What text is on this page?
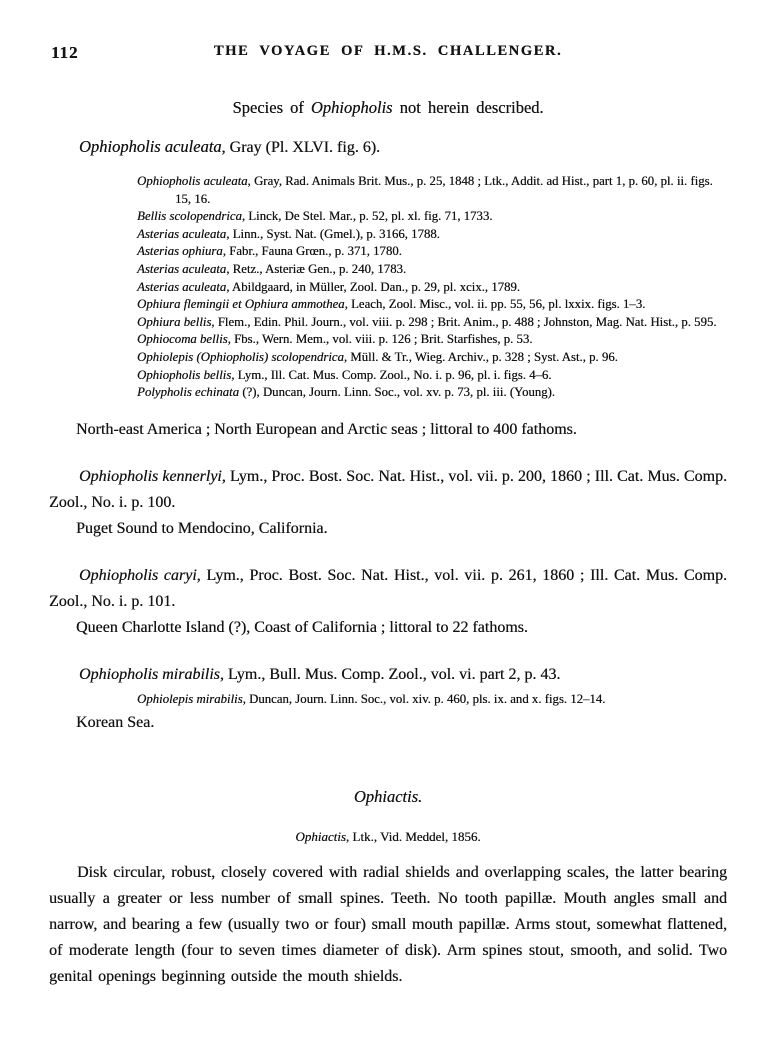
112	THE VOYAGE OF H.M.S. CHALLENGER.
Species of Ophiopholis not herein described.

Ophiopholis aculeata, Gray (Pl. XLVI. fig. 6).

Ophiopholis aculeata, Gray, Rad. Animals Brit. Mus., p. 25, 1848 ; Ltk., Addit. ad Hist., part 1, p. 60, pl. ii. figs. 15, 16.

Bellis scolopendrica, Linck, De Stel. Mar., p. 52, pl. xl. fig. 71, 1733.

Asterias aculeata, Linn., Syst. Nat. (Gmel.), p. 3166, 1788.

Asterias ophiura, Fabr., Fauna Grœn., p. 371, 1780.

Asterias aculeata, Retz., Asteriæ Gen., p. 240, 1783.

Asterias aculeata, Abildgaard, in Müller, Zool. Dan., p. 29, pl. xcix., 1789.

Ophiura flemingii et Ophiura ammothea, Leach, Zool. Misc., vol. ii. pp. 55, 56, pl. lxxix. figs. 1–3.

Ophiura bellis, Flem., Edin. Phil. Journ., vol. viii. p. 298 ; Brit. Anim., p. 488 ; Johnston, Mag. Nat. Hist., p. 595.

Ophiocoma bellis, Fbs., Wern. Mem., vol. viii. p. 126 ; Brit. Starfishes, p. 53.

Ophiolepis (Ophiopholis) scolopendrica, Müll. & Tr., Wieg. Archiv., p. 328 ; Syst. Ast., p. 96.

Ophiopholis bellis, Lym., Ill. Cat. Mus. Comp. Zool., No. i. p. 96, pl. i. figs. 4–6.

Polypholis echinata (?), Duncan, Journ. Linn. Soc., vol. xv. p. 73, pl. iii. (Young).

North-east America ; North European and Arctic seas ; littoral to 400 fathoms.

Ophiopholis kennerlyi, Lym., Proc. Bost. Soc. Nat. Hist., vol. vii. p. 200, 1860 ; Ill. Cat. Mus. Comp. Zool., No. i. p. 100.

Puget Sound to Mendocino, California.

Ophiopholis caryi, Lym., Proc. Bost. Soc. Nat. Hist., vol. vii. p. 261, 1860 ; Ill. Cat. Mus. Comp. Zool., No. i. p. 101.

Queen Charlotte Island (?), Coast of California ; littoral to 22 fathoms.

Ophiopholis mirabilis, Lym., Bull. Mus. Comp. Zool., vol. vi. part 2, p. 43.

Ophiolepis mirabilis, Duncan, Journ. Linn. Soc., vol. xiv. p. 460, pls. ix. and x. figs. 12–14.

Korean Sea.

Ophiactis.

Ophiactis, Ltk., Vid. Meddel, 1856.

Disk circular, robust, closely covered with radial shields and overlapping scales, the latter bearing usually a greater or less number of small spines. Teeth. No tooth papillæ. Mouth angles small and narrow, and bearing a few (usually two or four) small mouth papillæ. Arms stout, somewhat flattened, of moderate length (four to seven times diameter of disk). Arm spines stout, smooth, and solid. Two genital openings beginning outside the mouth shields.
